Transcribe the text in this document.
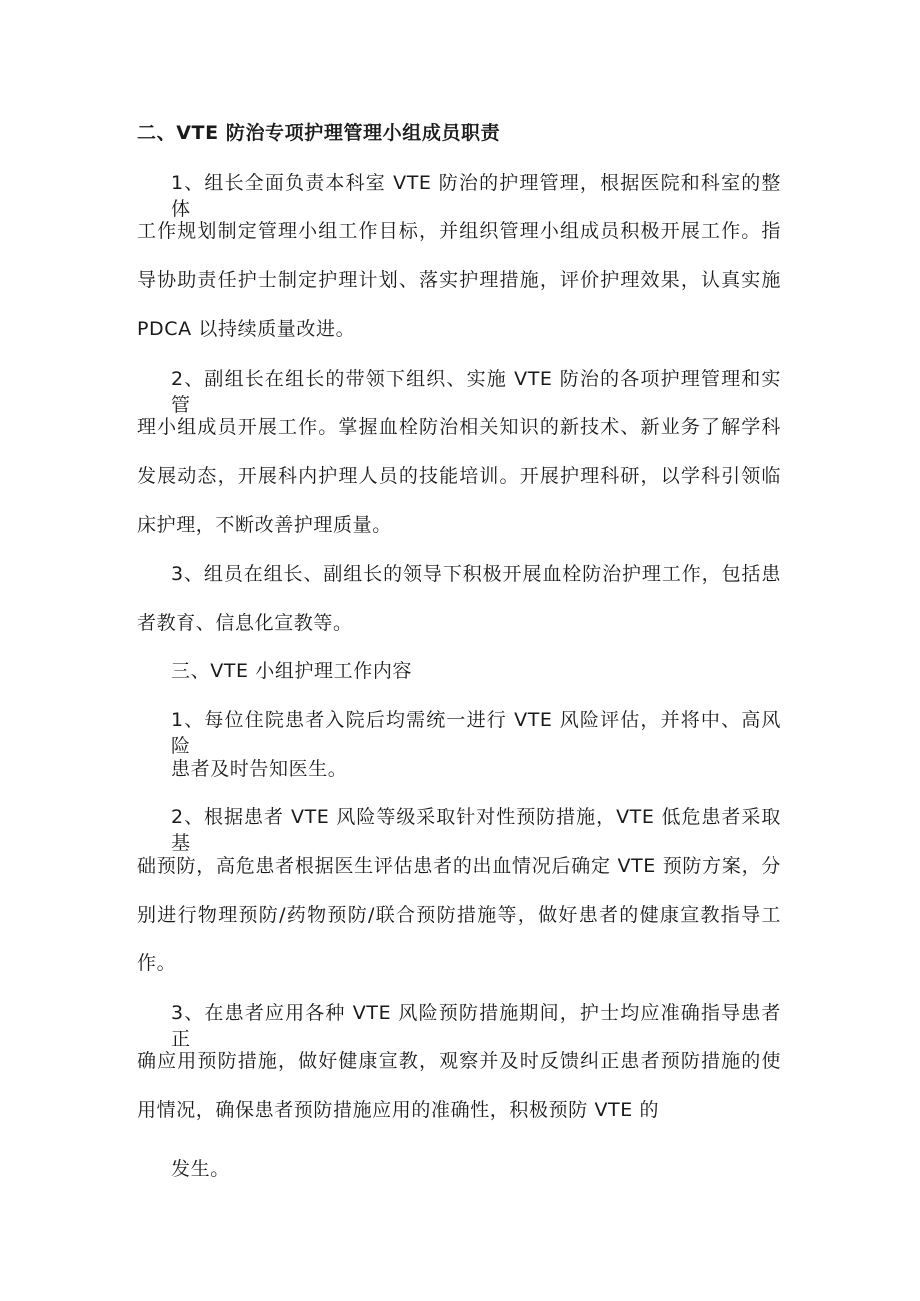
二、VTE 防治专项护理管理小组成员职责
1、组长全面负责本科室 VTE 防治的护理管理，根据医院和科室的整体
工作规划制定管理小组工作目标，并组织管理小组成员积极开展工作。指
导协助责任护士制定护理计划、落实护理措施，评价护理效果，认真实施
PDCA 以持续质量改进。
2、副组长在组长的带领下组织、实施 VTE 防治的各项护理管理和实管
理小组成员开展工作。掌握血栓防治相关知识的新技术、新业务了解学科
发展动态，开展科内护理人员的技能培训。开展护理科研，以学科引领临
床护理，不断改善护理质量。
3、组员在组长、副组长的领导下积极开展血栓防治护理工作，包括患
者教育、信息化宣教等。
三、VTE 小组护理工作内容
1、每位住院患者入院后均需统一进行 VTE 风险评估，并将中、高风险
患者及时告知医生。
2、根据患者 VTE 风险等级采取针对性预防措施，VTE 低危患者采取基
础预防，高危患者根据医生评估患者的出血情况后确定 VTE 预防方案，分
别进行物理预防/药物预防/联合预防措施等，做好患者的健康宣教指导工
作。
3、在患者应用各种 VTE 风险预防措施期间，护士均应准确指导患者正
确应用预防措施，做好健康宣教，观察并及时反馈纠正患者预防措施的使
用情况，确保患者预防措施应用的准确性，积极预防 VTE 的
发生。
